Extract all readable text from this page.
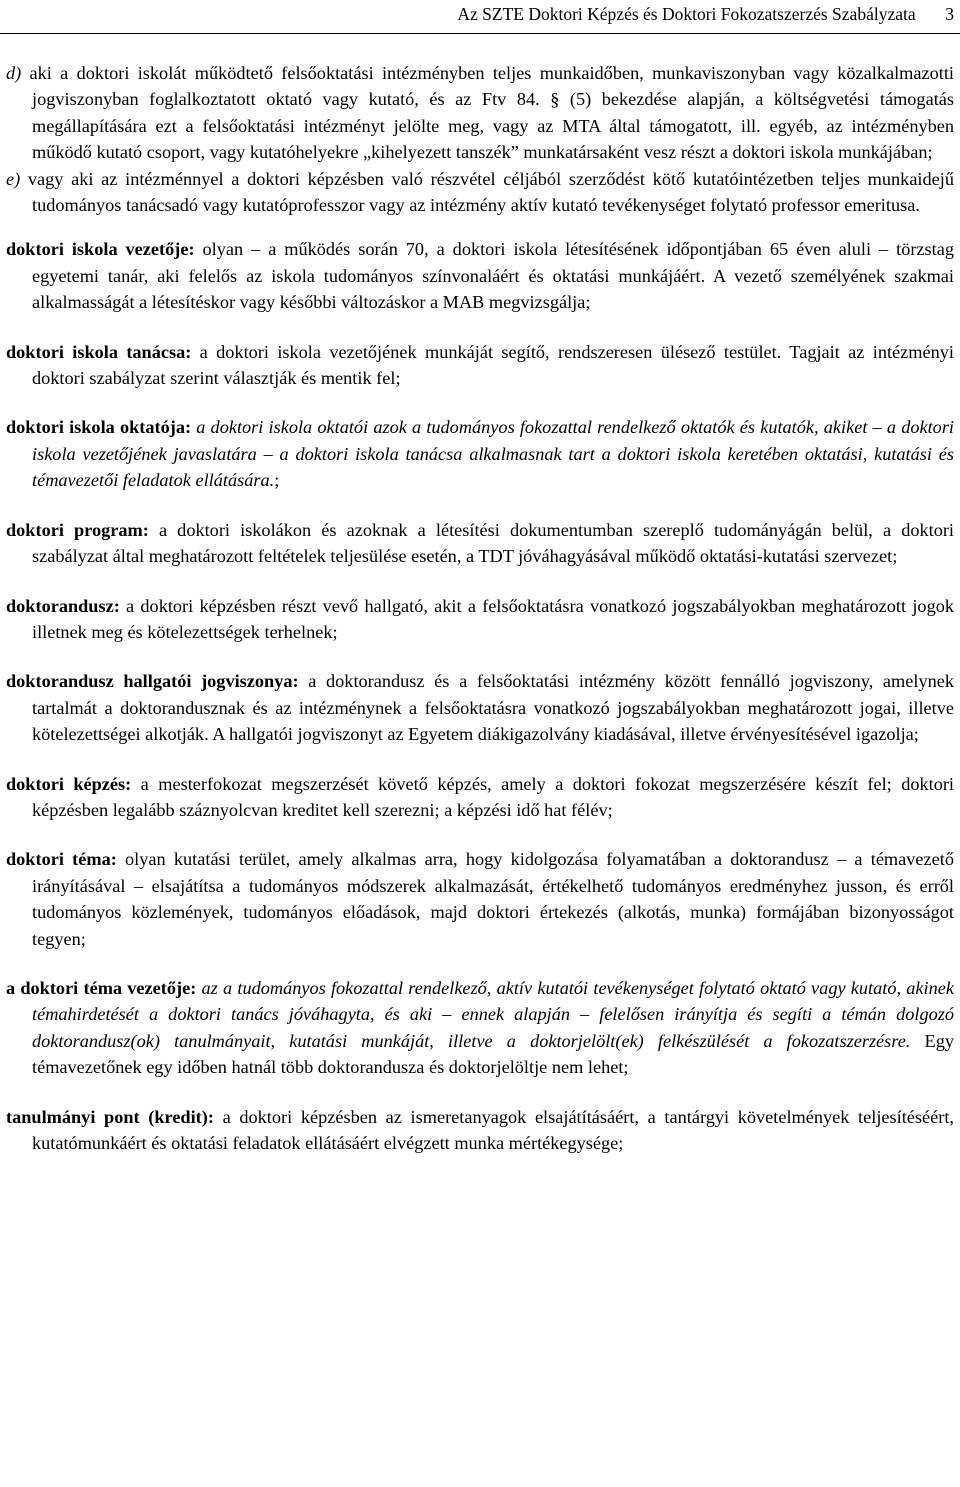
Az SZTE Doktori Képzés és Doktori Fokozatszerzés Szabályzata 3

d) aki a doktori iskolát működtető felsőoktatási intézményben teljes munkaidőben, munkaviszonyban vagy közalkalmazotti jogviszonyban foglalkoztatott oktató vagy kutató, és az Ftv 84. § (5) bekezdése alapján, a költségvetési támogatás megállapítására ezt a felsőoktatási intézményt jelölte meg, vagy az MTA által támogatott, ill. egyéb, az intézményben működő kutató csoport, vagy kutatóhelyekre „kihelyezett tanszék” munkatársaként vesz részt a doktori iskola munkájában;

e) vagy aki az intézménnyel a doktori képzésben való részvétel céljából szerződést kötő kutatóintézetben teljes munkaidejű tudományos tanácsadó vagy kutatóprofesszor vagy az intézmény aktív kutató tevékenységet folytató professor emeritusa.

doktori iskola vezetője: olyan – a működés során 70, a doktori iskola létesítésének időpontjában 65 éven aluli – törzstag egyetemi tanár, aki felelős az iskola tudományos színvonaláért és oktatási munkájáért. A vezető személyének szakmai alkalmasságát a létesítéskor vagy későbbi változáskor a MAB megvizsgálja;

doktori iskola tanácsa: a doktori iskola vezetőjének munkáját segítő, rendszeresen ülésező testület. Tagjait az intézményi doktori szabályzat szerint választják és mentik fel;

doktori iskola oktatója: a doktori iskola oktatói azok a tudományos fokozattal rendelkező oktatók és kutatók, akiket – a doktori iskola vezetőjének javaslatára – a doktori iskola tanácsa alkalmasnak tart a doktori iskola keretében oktatási, kutatási és témavezetői feladatok ellátására.;

doktori program: a doktori iskolákon és azoknak a létesítési dokumentumban szereplő tudományágán belül, a doktori szabályzat által meghatározott feltételek teljesülése esetén, a TDT jóváhagyásával működő oktatási-kutatási szervezet;

doktorandusz: a doktori képzésben részt vevő hallgató, akit a felsőoktatásra vonatkozó jogszabályokban meghatározott jogok illetnek meg és kötelezettségek terhelnek;

doktorandusz hallgatói jogviszonya: a doktorandusz és a felsőoktatási intézmény között fennálló jogviszony, amelynek tartalmát a doktorandusznak és az intézménynek a felsőoktatásra vonatkozó jogszabályokban meghatározott jogai, illetve kötelezettségei alkotják. A hallgatói jogviszonyt az Egyetem diákigazolvány kiadásával, illetve érvényesítésével igazolja;

doktori képzés: a mesterfokozat megszerzését követő képzés, amely a doktori fokozat megszerzésére készít fel; doktori képzésben legalább száznyolcvan kreditet kell szerezni; a képzési idő hat félév;

doktori téma: olyan kutatási terület, amely alkalmas arra, hogy kidolgozása folyamatában a doktorandusz – a témavezető irányításával – elsajátítsa a tudományos módszerek alkalmazását, értékelhető tudományos eredményhez jusson, és erről tudományos közlemények, tudományos előadások, majd doktori értekezés (alkotás, munka) formájában bizonyosságot tegyen;

a doktori téma vezetője: az a tudományos fokozattal rendelkező, aktív kutatói tevékenységet folytató oktató vagy kutató, akinek témahirdetését a doktori tanács jóváhagyta, és aki – ennek alapján – felelősen irányítja és segíti a témán dolgozó doktorandusz(ok) tanulmányait, kutatási munkáját, illetve a doktorjelölt(ek) felkészülését a fokozatszerzésre. Egy témavezetőnek egy időben hatnál több doktorandusza és doktorjelöltje nem lehet;

tanulmányi pont (kredit): a doktori képzésben az ismeretanyagok elsajátításáért, a tantárgyi követelmények teljesítéséért, kutatómunkáért és oktatási feladatok ellátásáért elvégzett munka mértékegysége;
